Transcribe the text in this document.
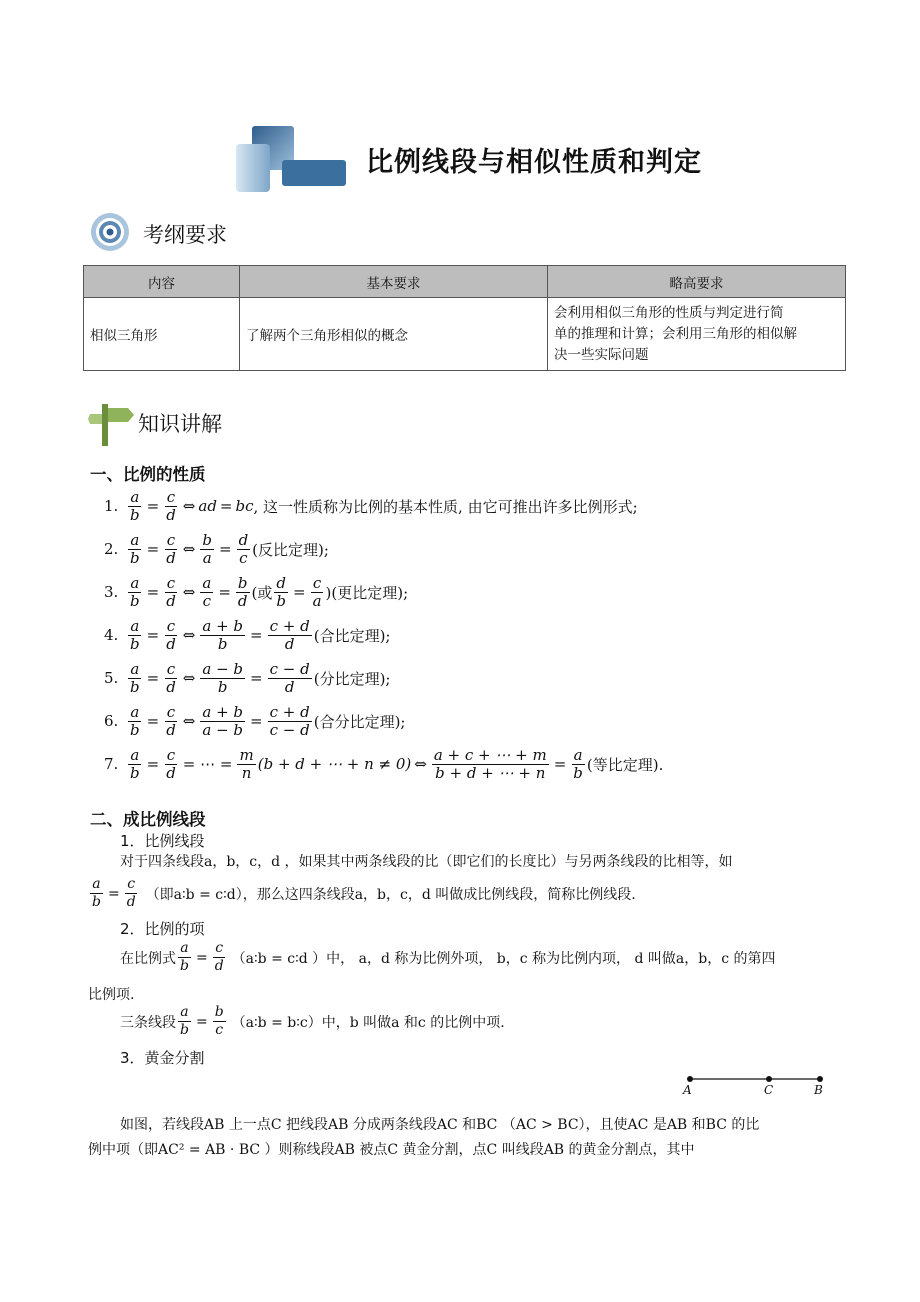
比例线段与相似性质和判定
考纲要求
内容	基本要求	略高要求
相似三角形	了解两个三角形相似的概念	会利用相似三角形的性质与判定进行简
单的推理和计算；会利用三角形的相似解
决一些实际问题
知识讲解
一、比例的性质
1. $\frac{a}{b} = \frac{c}{d}$ ⇔ ad = bc , 这一性质称为比例的基本性质, 由它可推出许多比例形式;
2. $\frac{a}{b} = \frac{c}{d}$ ⇔ $\frac{b}{a} = \frac{d}{c}$ (反比定理);
3. $\frac{a}{b} = \frac{c}{d}$ ⇔ $\frac{a}{c} = \frac{b}{d}$ (或 $\frac{d}{b} = \frac{c}{a}$ )(更比定理);
4. $\frac{a}{b} = \frac{c}{d}$ ⇔ $\frac{a + b}{b} = \frac{c + d}{d}$ (合比定理);
5. $\frac{a}{b} = \frac{c}{d}$ ⇔ $\frac{a - b}{b} = \frac{c - d}{d}$ (分比定理);
6. $\frac{a}{b} = \frac{c}{d}$ ⇔ $\frac{a + b}{a - b} = \frac{c + d}{c - d}$ (合分比定理);
7. $\frac{a}{b} = \frac{c}{d}$ = ⋯ = $\frac{m}{n} (b + d$ + ⋯ + n ≠ 0) ⇔ $\frac{a + c + \cdots + m}{b + d + \cdots + n} = \frac{a}{b}$ (等比定理).
二、成比例线段
1．比例线段
对于四条线段a，b，c，d ，如果其中两条线段的比（即它们的长度比）与另两条线段的比相等，如
$\frac{a}{b} = \frac{c}{d}$ （即a∶b = c∶d），那么这四条线段a，b，c，d 叫做成比例线段，简称比例线段.
2．比例的项
在比例式 $\frac{a}{b} = \frac{c}{d}$ （a∶b = c∶d ）中， a，d 称为比例外项， b，c 称为比例内项， d 叫做a，b，c 的第四
比例项.
三条线段 $\frac{a}{b} = \frac{b}{c}$ （a∶b = b∶c）中，b 叫做a 和c 的比例中项.
3．黄金分割
A	C	B
如图，若线段AB 上一点C 把线段AB 分成两条线段AC 和BC （AC > BC），且使AC 是AB 和BC 的比
例中项（即AC² = AB · BC ）则称线段AB 被点C 黄金分割，点C 叫线段AB 的黄金分割点，其中
